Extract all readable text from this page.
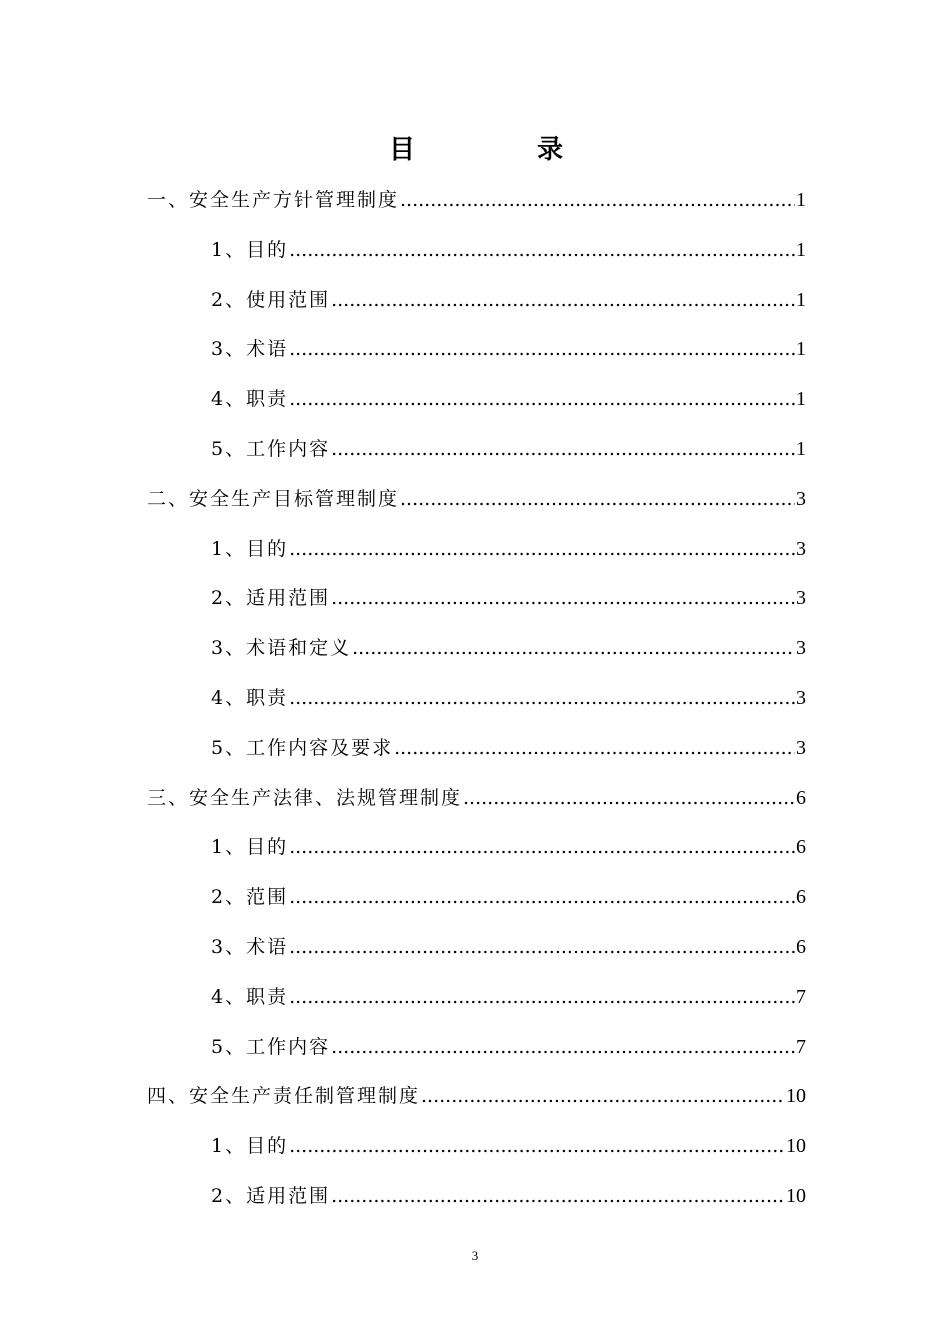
目　录
一、安全生产方针管理制度 .....	1
1、目的 .....	1
2、使用范围 .....	1
3、术语 .....	1
4、职责 .....	1
5、工作内容 .....	1
二、安全生产目标管理制度 .....	3
1、目的 .....	3
2、适用范围 .....	3
3、术语和定义 .....	3
4、职责 .....	3
5、工作内容及要求 .....	3
三、安全生产法律、法规管理制度 .....	6
1、目的 .....	6
2、范围 .....	6
3、术语 .....	6
4、职责 .....	7
5、工作内容 .....	7
四、安全生产责任制管理制度 .....	10
1、目的 .....	10
2、适用范围 .....	10
3
